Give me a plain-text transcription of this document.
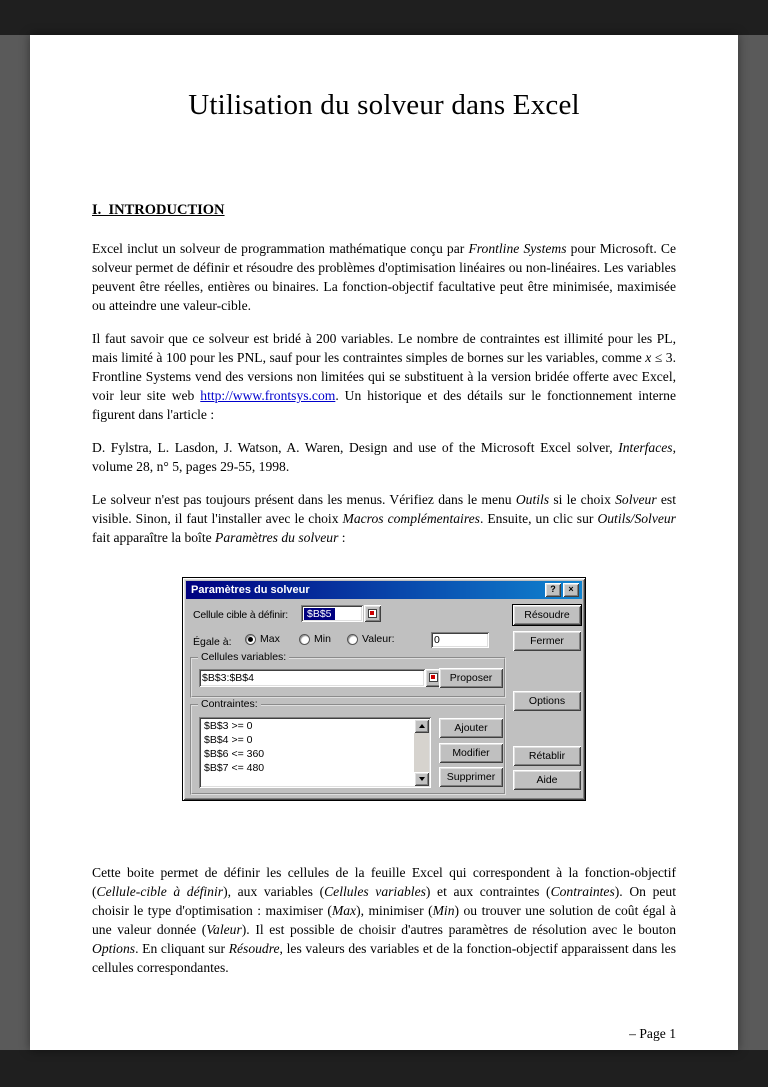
Utilisation du solveur dans Excel
I.  INTRODUCTION

Excel inclut un solveur de programmation mathématique conçu par Frontline Systems pour Microsoft. Ce solveur permet de définir et résoudre des problèmes d'optimisation linéaires ou non-linéaires. Les variables peuvent être réelles, entières ou binaires. La fonction-objectif facultative peut être minimisée, maximisée ou atteindre une valeur-cible.

Il faut savoir que ce solveur est bridé à 200 variables. Le nombre de contraintes est illimité pour les PL, mais limité à 100 pour les PNL, sauf pour les contraintes simples de bornes sur les variables, comme x ≤ 3. Frontline Systems vend des versions non limitées qui se substituent à la version bridée offerte avec Excel, voir leur site web http://www.frontsys.com. Un historique et des détails sur le fonctionnement interne figurent dans l'article :

D. Fylstra, L. Lasdon, J. Watson, A. Waren, Design and use of the Microsoft Excel solver, Interfaces, volume 28, n° 5, pages 29-55, 1998.

Le solveur n'est pas toujours présent dans les menus. Vérifiez dans le menu Outils si le choix Solveur est visible. Sinon, il faut l'installer avec le choix Macros complémentaires. Ensuite, un clic sur Outils/Solveur fait apparaître la boîte Paramètres du solveur :

Paramètres du solveur	? ×
Cellule cible à définir: $B$5	Résoudre
Égale à:	Max	Min	Valeur:	0	Fermer
Cellules variables:
$B$3:$B$4	Proposer
Contraintes:
$B$3 >= 0
$B$4 >= 0
$B$6 <= 360
$B$7 <= 480
Ajouter
Modifier
Supprimer
Options
Rétablir
Aide

Cette boite permet de définir les cellules de la feuille Excel qui correspondent à la fonction-objectif (Cellule-cible à définir), aux variables (Cellules variables) et aux contraintes (Contraintes). On peut choisir le type d'optimisation : maximiser (Max), minimiser (Min) ou trouver une solution de coût égal à une valeur donnée (Valeur). Il est possible de choisir d'autres paramètres de résolution avec le bouton Options. En cliquant sur Résoudre, les valeurs des variables et de la fonction-objectif apparaissent dans les cellules correspondantes.

– Page 1
